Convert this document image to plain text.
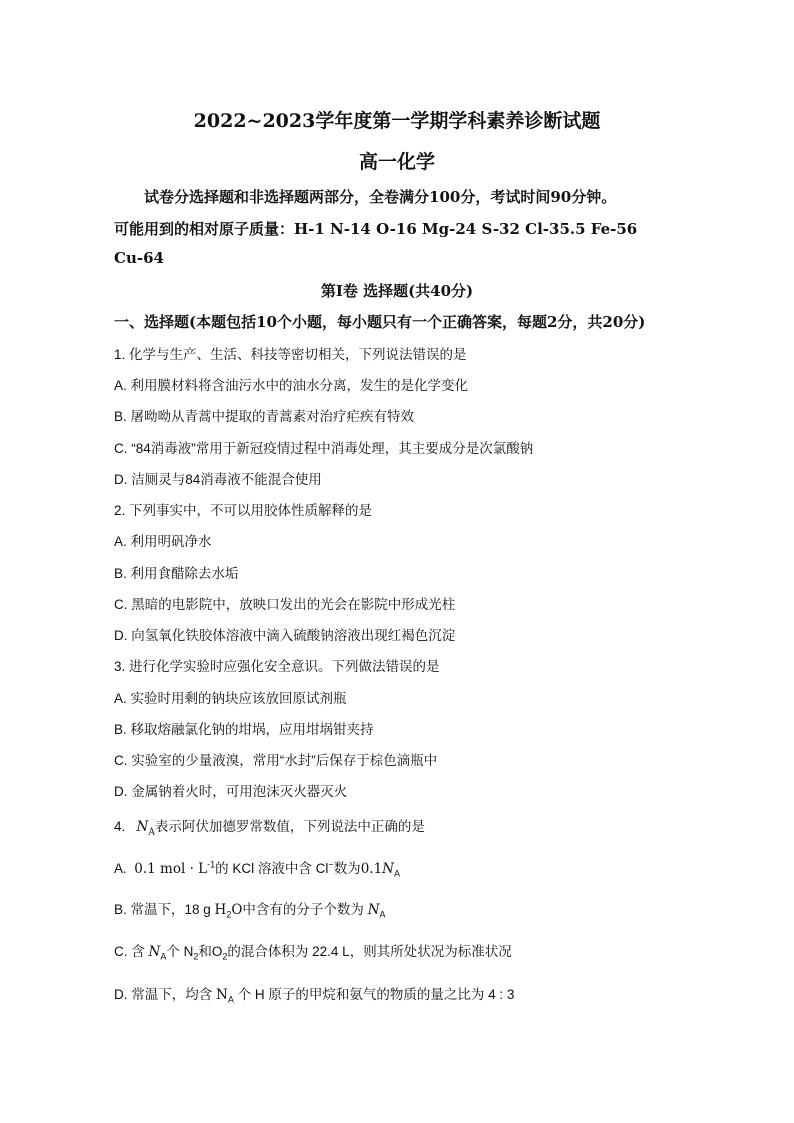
2022~2023学年度第一学期学科素养诊断试题
高一化学
试卷分选择题和非选择题两部分，全卷满分100分，考试时间90分钟。
可能用到的相对原子质量：H-1 N-14 O-16 Mg-24 S-32 Cl-35.5 Fe-56
Cu-64
第Ⅰ卷 选择题(共40分)
一、选择题(本题包括10个小题，每小题只有一个正确答案，每题2分，共20分)
1. 化学与生产、生活、科技等密切相关，下列说法错误的是
A. 利用膜材料将含油污水中的油水分离，发生的是化学变化
B. 屠呦呦从青蒿中提取的青蒿素对治疗疟疾有特效
C. “84消毒液”常用于新冠疫情过程中消毒处理，其主要成分是次氯酸钠
D. 洁厕灵与84消毒液不能混合使用
2. 下列事实中，不可以用胶体性质解释的是
A. 利用明矾净水
B. 利用食醋除去水垢
C. 黑暗的电影院中，放映口发出的光会在影院中形成光柱
D. 向氢氧化铁胶体溶液中滴入硫酸钠溶液出现红褐色沉淀
3. 进行化学实验时应强化安全意识。下列做法错误的是
A. 实验时用剩的钠块应该放回原试剂瓶
B. 移取熔融氯化钠的坩埚，应用坩埚钳夹持
C. 实验室的少量液溴，常用“水封”后保存于棕色滴瓶中
D. 金属钠着火时，可用泡沫灭火器灭火
4. $N_A$表示阿伏加德罗常数值，下列说法中正确的是
A. 0.1 mol · $L^{-1}$的 KCl 溶液中含 Cl−数为$0.1N_A$
B. 常温下，18 g $H_2O$中含有的分子个数为 $N_A$
C. 含 $N_A$个 $N_2$和$O_2$的混合体积为 22.4 L，则其所处状况为标准状况
D. 常温下，均含 $N_A$ 个 H 原子的甲烷和氨气的物质的量之比为 4 : 3
